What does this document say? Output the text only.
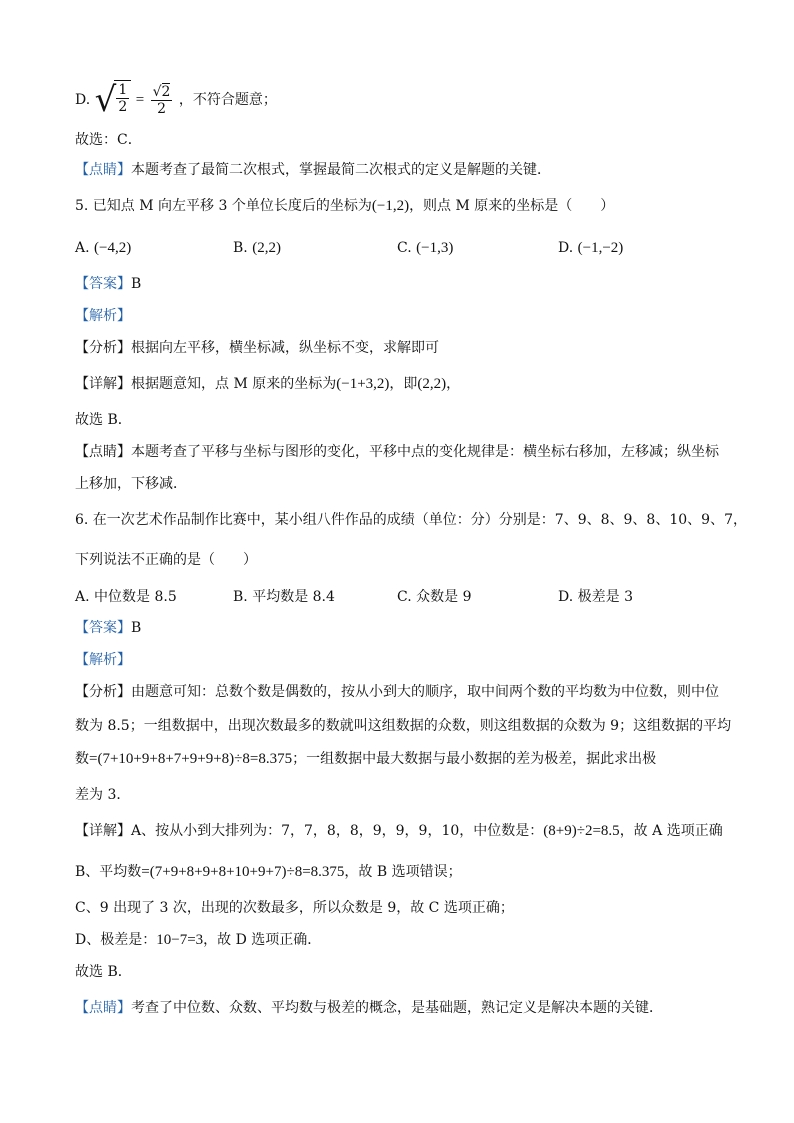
D. √ $\frac{1}{2} = \frac{√2}{2}$ ，不符合题意；
故选：C．
【点睛】本题考查了最简二次根式，掌握最简二次根式的定义是解题的关键．
5. 已知点 M 向左平移 3 个单位长度后的坐标为(−1,2)，则点 M 原来的坐标是（　　）
A. (−4,2)	B. (2,2)	C. (−1,3)	D. (−1,−2)
【答案】B
【解析】
【分析】根据向左平移，横坐标减，纵坐标不变，求解即可
【详解】根据题意知，点 M 原来的坐标为(−1+3,2)，即(2,2)，
故选 B．
【点睛】本题考查了平移与坐标与图形的变化，平移中点的变化规律是：横坐标右移加，左移减；纵坐标
上移加，下移减．
6. 在一次艺术作品制作比赛中，某小组八件作品的成绩（单位：分）分别是：7、9、8、9、8、10、9、7，
下列说法不正确的是（　　）
A. 中位数是 8.5	B. 平均数是 8.4	C. 众数是 9	D. 极差是 3
【答案】B
【解析】
【分析】由题意可知：总数个数是偶数的，按从小到大的顺序，取中间两个数的平均数为中位数，则中位
数为 8.5；一组数据中，出现次数最多的数就叫这组数据的众数，则这组数据的众数为 9；这组数据的平均
数=(7+10+9+8+7+9+9+8)÷8=8.375；一组数据中最大数据与最小数据的差为极差，据此求出极
差为 3．
【详解】A、按从小到大排列为：7，7，8，8，9，9，9，10，中位数是：(8+9)÷2=8.5，故 A 选项正确
B、平均数=(7+9+8+9+8+10+9+7)÷8=8.375，故 B 选项错误；
C、9 出现了 3 次，出现的次数最多，所以众数是 9，故 C 选项正确；
D、极差是：10−7=3，故 D 选项正确．
故选 B．
【点睛】考查了中位数、众数、平均数与极差的概念，是基础题，熟记定义是解决本题的关键．
